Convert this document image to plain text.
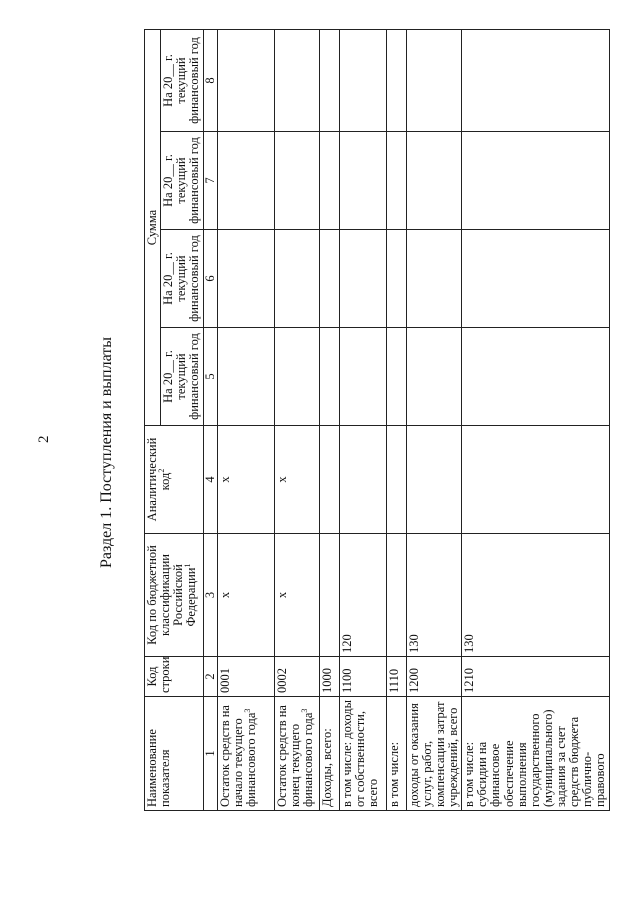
2	Раздел 1. Поступления и выплаты
Наименование показателя	Код строки	Код по бюджетной классификации Российской Федерации$^1$	Аналитический код$^2$	Сумма			
				На 20__ г. текущий финансовый год	На 20__ г. текущий финансовый год	На 20__ г. текущий финансовый год	На 20__ г. текущий финансовый год
1	2	3	4	5	6	7	8
Остаток средств на начало текущего финансового года$^3$	0001	x	x				
Остаток средств на конец текущего финансового года$^3$	0002	x	x				
Доходы, всего:	1000						
в том числе: доходы от собственности, всего	1100	120					
в том числе:	1110						
доходы от оказания услуг, работ, компенсации затрат учреждений, всего	1200	130					
в том числе: субсидии на финансовое обеспечение выполнения государственного (муниципального) задания за счет средств бюджета публично-правового	1210	130					
